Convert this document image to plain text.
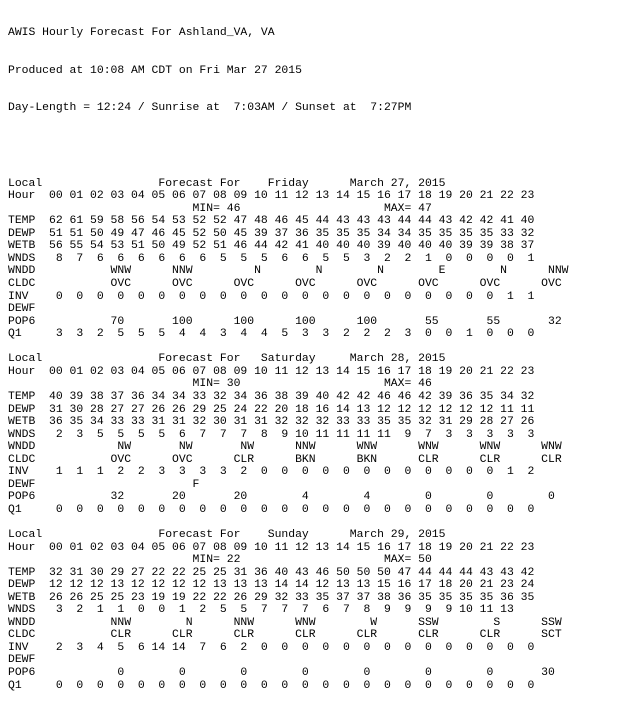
AWIS Hourly Forecast For Ashland_VA, VA

Produced at 10:08 AM CDT on Fri Mar 27 2015

Day-Length = 12:24 / Sunrise at  7:03AM / Sunset at  7:27PM

Local                 Forecast For    Friday      March 27, 2015
Hour  00 01 02 03 04 05 06 07 08 09 10 11 12 13 14 15 16 17 18 19 20 21 22 23
MIN= 46                     MAX= 47
TEMP  62 61 59 58 56 54 53 52 52 47 48 46 45 44 43 43 43 44 44 43 42 42 41 40
DEWP  51 51 50 49 47 46 45 52 50 45 39 37 36 35 35 35 34 34 35 35 35 35 33 32
WETB  56 55 54 53 51 50 49 52 51 46 44 42 41 40 40 40 39 40 40 40 39 39 38 37
WNDS   8  7  6  6  6  6  6  6  5  5  5  6  6  5  5  3  2  2  1  0  0  0  0  1
WNDD           WNW      NNW         N        N        N        E        N      NNW
CLDC           OVC      OVC      OVC      OVC      OVC      OVC      OVC      OVC
INV    0  0  0  0  0  0  0  0  0  0  0  0  0  0  0  0  0  0  0  0  0  0  1  1
DEWF
POP6           70       100      100      100      100       55       55       32
Q1     3  3  2  5  5  5  4  4  3  4  4  5  3  3  2  2  2  3  0  0  1  0  0  0
Local                 Forecast For   Saturday     March 28, 2015
Hour  00 01 02 03 04 05 06 07 08 09 10 11 12 13 14 15 16 17 18 19 20 21 22 23
MIN= 30                     MAX= 46
TEMP  40 39 38 37 36 34 34 33 32 34 36 38 39 40 42 42 46 46 42 39 36 35 34 32
DEWP  31 30 28 27 27 26 26 29 25 24 22 20 18 16 14 13 12 12 12 12 12 12 11 11
WETB  36 35 34 33 33 31 31 32 30 31 31 32 32 32 33 33 35 35 32 31 29 28 27 26
WNDS   2  3  5  5  5  5  6  7  7  7  8  9 10 11 11 11 11  9  7  3  3  3  3  3
WNDD            NW       NW       NW      NNW      WNW      WNW      WNW      WNW
CLDC           OVC      OVC      CLR      BKN      BKN      CLR      CLR      CLR
INV    1  1  1  2  2  3  3  3  3  2  0  0  0  0  0  0  0  0  0  0  0  0  1  2
DEWF                       F
POP6           32       20       20        4        4        0        0        0
Q1     0  0  0  0  0  0  0  0  0  0  0  0  0  0  0  0  0  0  0  0  0  0  0  0
Local                 Forecast For    Sunday      March 29, 2015
Hour  00 01 02 03 04 05 06 07 08 09 10 11 12 13 14 15 16 17 18 19 20 21 22 23
MIN= 22                     MAX= 50
TEMP  32 31 30 29 27 22 22 25 25 31 36 40 43 46 50 50 50 47 44 44 44 43 43 42
DEWP  12 12 12 13 12 12 12 12 13 13 13 14 14 12 13 13 15 16 17 18 20 21 23 24
WETB  26 26 25 25 23 19 19 22 22 26 29 32 33 35 37 37 38 36 35 35 35 35 36 35
WNDS   3  2  1  1  0  0  1  2  5  5  7  7  7  6  7  8  9  9  9  9 10 11 13
WNDD           NNW        N      NNW      WNW        W      SSW        S      SSW
CLDC           CLR      CLR      CLR      CLR      CLR      CLR      CLR      SCT
INV    2  3  4  5  6 14 14  7  6  2  0  0  0  0  0  0  0  0  0  0  0  0  0  0
DEWF
POP6            0        0        0        0        0        0        0       30
Q1     0  0  0  0  0  0  0  0  0  0  0  0  0  0  0  0  0  0  0  0  0  0  0  0
